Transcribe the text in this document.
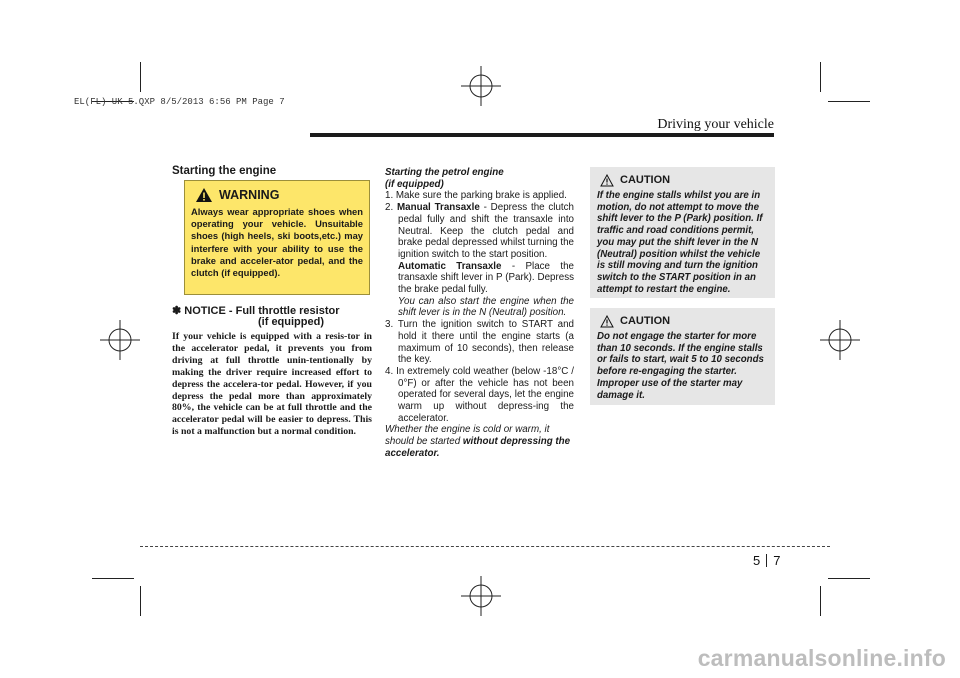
EL(FL) UK 5.QXP 8/5/2013 6:56 PM Page 7
Driving your vehicle
Starting the engine
WARNING
Always wear appropriate shoes when operating your vehicle. Unsuitable shoes (high heels, ski boots,etc.) may interfere with your ability to use the brake and acceler-ator pedal, and the clutch (if equipped).
✽ NOTICE - Full throttle resistor
(if equipped)
If your vehicle is equipped with a resis-tor in the accelerator pedal, it prevents you from driving at full throttle unin-tentionally by making the driver require increased effort to depress the accelera-tor pedal. However, if you depress the pedal more than approximately 80%, the vehicle can be at full throttle and the accelerator pedal will be easier to depress. This is not a malfunction but a normal condition.

Starting the petrol engine

(if equipped)

1. Make sure the parking brake is applied.

2. Manual Transaxle - Depress the clutch pedal fully and shift the transaxle into Neutral. Keep the clutch pedal and brake pedal depressed whilst turning the ignition switch to the start position.

Automatic Transaxle - Place the transaxle shift lever in P (Park). Depress the brake pedal fully.

You can also start the engine when the shift lever is in the N (Neutral) position.

3. Turn the ignition switch to START and hold it there until the engine starts (a maximum of 10 seconds), then release the key.

4. In extremely cold weather (below -18°C / 0°F) or after the vehicle has not been operated for several days, let the engine warm up without depress-ing the accelerator.

Whether the engine is cold or warm, it should be started without depressing the accelerator.

CAUTION
If the engine stalls whilst you are in motion, do not attempt to move the shift lever to the P (Park) position. If traffic and road conditions permit, you may put the shift lever in the N (Neutral) position whilst the vehicle is still moving and turn the ignition switch to the START position in an attempt to restart the engine.
CAUTION
Do not engage the starter for more than 10 seconds. If the engine stalls or fails to start, wait 5 to 10 seconds before re-engaging the starter. Improper use of the starter may damage it.
5 7
carmanualsonline.info
